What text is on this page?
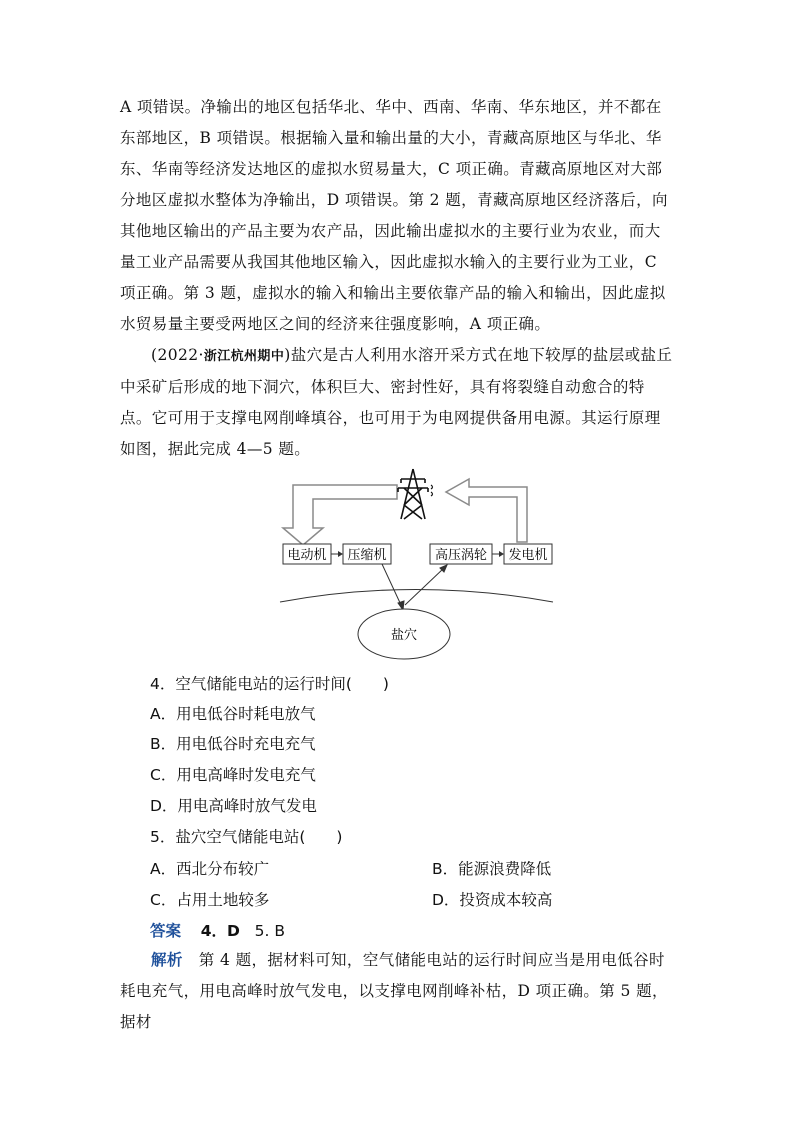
A 项错误。净输出的地区包括华北、华中、西南、华南、华东地区，并不都在东部地区，B 项错误。根据输入量和输出量的大小，青藏高原地区与华北、华东、华南等经济发达地区的虚拟水贸易量大，C 项正确。青藏高原地区对大部分地区虚拟水整体为净输出，D 项错误。第 2 题，青藏高原地区经济落后，向其他地区输出的产品主要为农产品，因此输出虚拟水的主要行业为农业，而大量工业产品需要从我国其他地区输入，因此虚拟水输入的主要行业为工业，C 项正确。第 3 题，虚拟水的输入和输出主要依靠产品的输入和输出，因此虚拟水贸易量主要受两地区之间的经济来往强度影响，A 项正确。
(2022·浙江杭州期中)盐穴是古人利用水溶开采方式在地下较厚的盐层或盐丘中采矿后形成的地下洞穴，体积巨大、密封性好，具有将裂缝自动愈合的特点。它可用于支撑电网削峰填谷，也可用于为电网提供备用电源。其运行原理如图，据此完成 4—5 题。
电动机 压缩机	高压涡轮 发电机
盐穴
4．空气储能电站的运行时间(　　)
A．用电低谷时耗电放气
B．用电低谷时充电充气
C．用电高峰时发电充气
D．用电高峰时放气发电
5．盐穴空气储能电站(　　)
A．西北分布较广	B．能源浪费降低
C．占用土地较多	D．投资成本较高
答案 4．D 5. B
解析 第 4 题，据材料可知，空气储能电站的运行时间应当是用电低谷时耗电充气，用电高峰时放气发电，以支撑电网削峰补枯，D 项正确。第 5 题，据材
